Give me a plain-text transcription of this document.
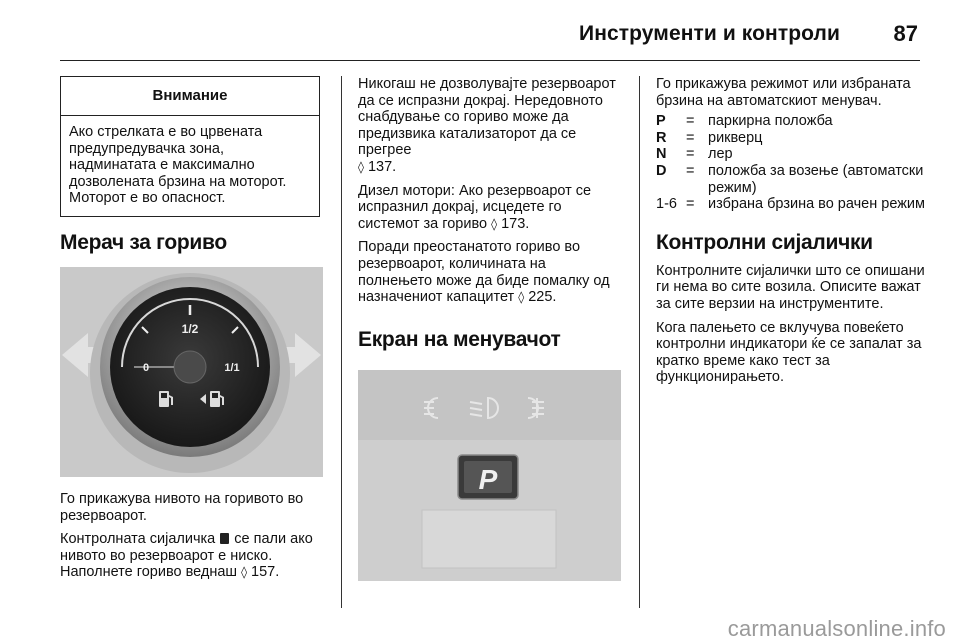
Инструменти и контроли 87
Внимание
Ако стрелката е во црвената предупредувачка зона, надминатата е максимално дозволената брзина на моторот. Моторот е во опасност.
Мерач за гориво
1/2
0	1/1

Го прикажува нивото на горивото во резервоарот.

Контролната сијаличка се пали ако нивото во резервоарот е ниско. Наполнете гориво веднаш ◊ 157.

Никогаш не дозволувајте резервоарот да се испразни докрај. Нередовното снабдување со гориво може да предизвика катализаторот да се прегрее
◊ 137.

Дизел мотори: Ако резервоарот се испразнил докрај, исцедете го системот за гориво ◊ 173.

Поради преостанатото гориво во резервоарот, количината на полнењето може да биде помалку од назначениот капацитет ◊ 225.

Екран на менувачот
P

Го прикажува режимот или избраната брзина на автоматскиот менувач.

P	= паркирна положба
R	= рикверц
N	= лер
D	= положба за возење (автоматски режим)
1-6 = избрана брзина во рачен режим
Контролни сијалички

Контролните сијалички што се опишани ги нема во сите возила. Описите важат за сите верзии на инструментите.

Кога палењето се вклучува повеќето контролни индикатори ќе се запалат за кратко време како тест за функционирањето.

carmanualsonline.info
